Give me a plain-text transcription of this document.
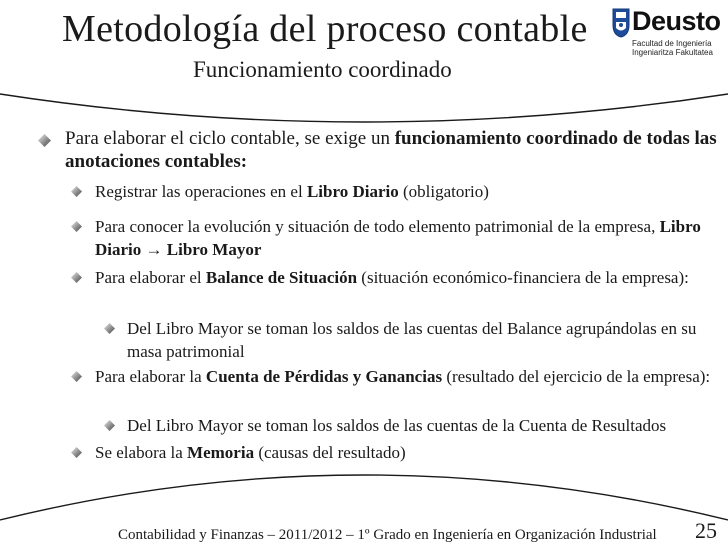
Metodología del proceso contable
Funcionamiento coordinado
Deusto
Facultad de Ingeniería
Ingeniaritza Fakultatea
Para elaborar el ciclo contable, se exige un funcionamiento coordinado de todas las anotaciones contables:
Registrar las operaciones en el Libro Diario (obligatorio)
Para conocer la evolución y situación de todo elemento patrimonial de la empresa, Libro Diario → Libro Mayor
Para elaborar el Balance de Situación (situación económico-financiera de la empresa):
Del Libro Mayor se toman los saldos de las cuentas del Balance agrupándolas en su masa patrimonial
Para elaborar la Cuenta de Pérdidas y Ganancias (resultado del ejercicio de la empresa):
Del Libro Mayor se toman los saldos de las cuentas de la Cuenta de Resultados
Se elabora la Memoria (causas del resultado)
Contabilidad y Finanzas – 2011/2012 – 1º Grado en Ingeniería en Organización Industrial 25
